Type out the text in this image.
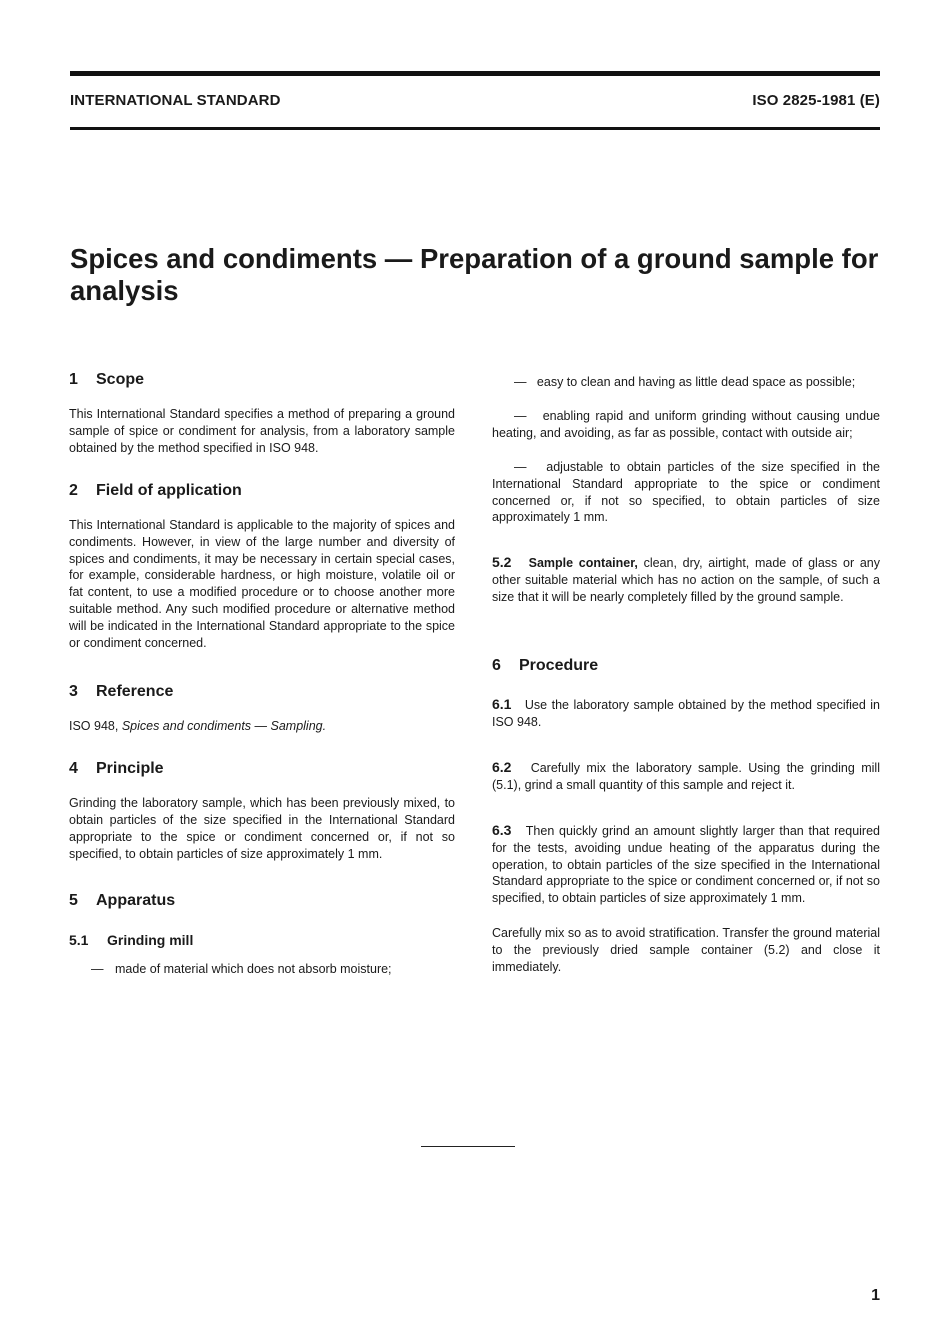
INTERNATIONAL STANDARD	ISO 2825-1981 (E)
Spices and condiments — Preparation of a ground sample for analysis
1 Scope

This International Standard specifies a method of preparing a ground sample of spice or condiment for analysis, from a laboratory sample obtained by the method specified in ISO 948.

2 Field of application

This International Standard is applicable to the majority of spices and condiments. However, in view of the large number and diversity of spices and condiments, it may be necessary in certain special cases, for example, considerable hardness, or high moisture, volatile oil or fat content, to use a modified procedure or to choose another more suitable method. Any such modified procedure or alternative method will be indicated in the International Standard appropriate to the spice or condiment concerned.

3 Reference

ISO 948, Spices and condiments — Sampling.

4 Principle

Grinding the laboratory sample, which has been previously mixed, to obtain particles of the size specified in the International Standard appropriate to the spice or condiment concerned or, if not so specified, to obtain particles of size approximately 1 mm.

5 Apparatus
5.1 Grinding mill

— made of material which does not absorb moisture;

— easy to clean and having as little dead space as possible;

— enabling rapid and uniform grinding without causing undue heating, and avoiding, as far as possible, contact with outside air;

— adjustable to obtain particles of the size specified in the International Standard appropriate to the spice or condiment concerned or, if not so specified, to obtain particles of size approximately 1 mm.

5.2 Sample container, clean, dry, airtight, made of glass or any other suitable material which has no action on the sample, of such a size that it will be nearly completely filled by the ground sample.

6 Procedure

6.1 Use the laboratory sample obtained by the method specified in ISO 948.

6.2 Carefully mix the laboratory sample. Using the grinding mill (5.1), grind a small quantity of this sample and reject it.

6.3 Then quickly grind an amount slightly larger than that required for the tests, avoiding undue heating of the apparatus during the operation, to obtain particles of the size specified in the International Standard appropriate to the spice or condiment concerned or, if not so specified, to obtain particles of size approximately 1 mm.

Carefully mix so as to avoid stratification. Transfer the ground material to the previously dried sample container (5.2) and close it immediately.

1
